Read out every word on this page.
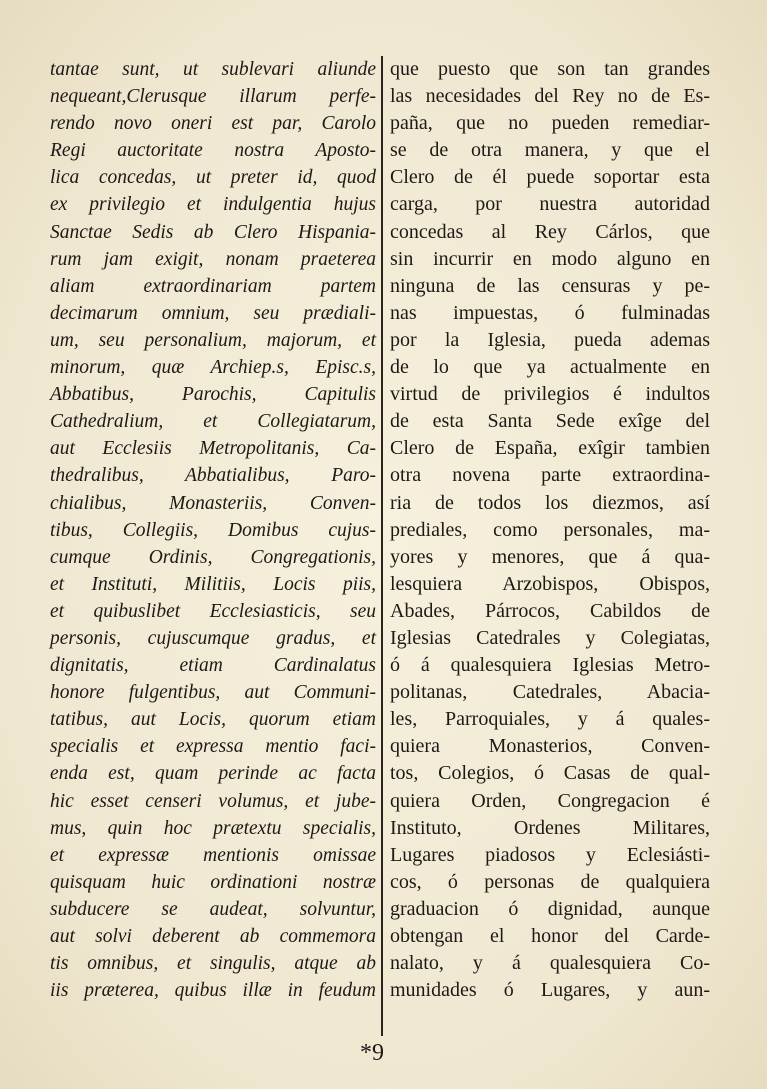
tantae sunt, ut sublevari aliunde
nequeant,Clerusque illarum perfe-
rendo novo oneri est par, Carolo
Regi auctoritate nostra Aposto-
lica concedas, ut preter id, quod
ex privilegio et indulgentia hujus
Sanctae Sedis ab Clero Hispania-
rum jam exigit, nonam praeterea
aliam extraordinariam partem
decimarum omnium, seu prædiali-
um, seu personalium, majorum, et
minorum, quæ Archiep.s, Episc.s,
Abbatibus, Parochis, Capitulis
Cathedralium, et Collegiatarum,
aut Ecclesiis Metropolitanis, Ca-
thedralibus, Abbatialibus, Paro-
chialibus, Monasteriis, Conven-
tibus, Collegiis, Domibus cujus-
cumque Ordinis, Congregationis,
et Instituti, Militiis, Locis piis,
et quibuslibet Ecclesiasticis, seu
personis, cujuscumque gradus, et
dignitatis, etiam Cardinalatus
honore fulgentibus, aut Communi-
tatibus, aut Locis, quorum etiam
specialis et expressa mentio faci-
enda est, quam perinde ac facta
hic esset censeri volumus, et jube-
mus, quin hoc prætextu specialis,
et expressæ mentionis omissae
quisquam huic ordinationi nostræ
subducere se audeat, solvuntur,
aut solvi deberent ab commemora
tis omnibus, et singulis, atque ab
iis præterea, quibus illæ in feudum
que puesto que son tan grandes
las necesidades del Rey no de Es-
paña, que no pueden remediar-
se de otra manera, y que el
Clero de él puede soportar esta
carga, por nuestra autoridad
concedas al Rey Cárlos, que
sin incurrir en modo alguno en
ninguna de las censuras y pe-
nas impuestas, ó fulminadas
por la Iglesia, pueda ademas
de lo que ya actualmente en
virtud de privilegios é indultos
de esta Santa Sede exîge del
Clero de España, exîgir tambien
otra novena parte extraordina-
ria de todos los diezmos, así
prediales, como personales, ma-
yores y menores, que á qua-
lesquiera Arzobispos, Obispos,
Abades, Párrocos, Cabildos de
Iglesias Catedrales y Colegiatas,
ó á qualesquiera Iglesias Metro-
politanas, Catedrales, Abacia-
les, Parroquiales, y á quales-
quiera Monasterios, Conven-
tos, Colegios, ó Casas de qual-
quiera Orden, Congregacion é
Instituto, Ordenes Militares,
Lugares piadosos y Eclesiásti-
cos, ó personas de qualquiera
graduacion ó dignidad, aunque
obtengan el honor del Carde-
nalato, y á qualesquiera Co-
munidades ó Lugares, y aun-
*9
